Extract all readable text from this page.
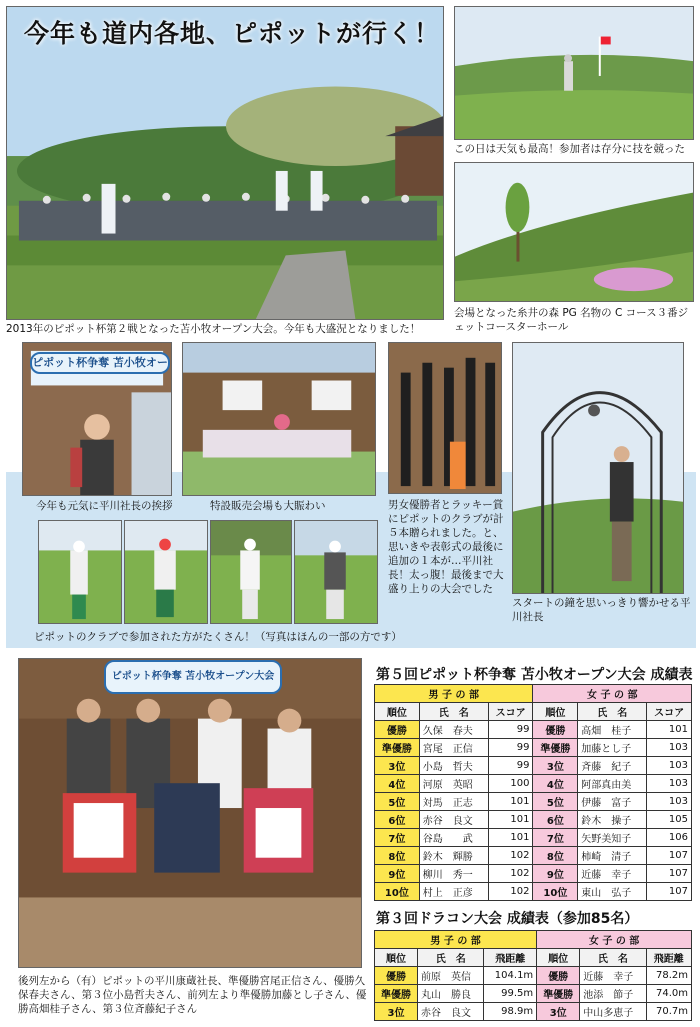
今年も道内各地、ピポットが行く！
2013年のピポット杯第２戦となった苫小牧オープン大会。今年も大盛況となりました！
この日は天気も最高！参加者は存分に技を競った
会場となった糸井の森 PG 名物の C コース３番ジェットコースターホール
ピポット杯争奪 苫小牧オー
今年も元気に平川社長の挨拶	特設販売会場も大賑わい	男女優勝者とラッキー賞にピポットのクラブが計５本贈られました。と、思いきや表彰式の最後に追加の１本が…平川社長！太っ腹！最後まで大盛り上りの大会でした
スタートの鐘を思いっきり響かせる平川社長
ピポットのクラブで参加された方がたくさん！（写真はほんの一部の方です）
ピポット杯争奪 苫小牧オープン大会
後列左から（有）ピポットの平川康蔵社長、準優勝宮尾正信さん、優勝久保春夫さん、第３位小島哲夫さん、前列左より準優勝加藤とし子さん、優勝高畑桂子さん、第３位斉藤紀子さん
第５回ピポット杯争奪 苫小牧オープン大会 成績表
男 子 の 部			女 子 の 部		
順位	氏　名	スコア	順位	氏　名	スコア
優勝	久保　春夫	99	優勝	高畑　桂子	101
準優勝	宮尾　正信	99	準優勝	加藤とし子	103
3位	小島　哲夫	99	3位	斉藤　紀子	103
4位	河原　英昭	100	4位	阿部真由美	103
5位	対馬　正志	101	5位	伊藤　富子	103
6位	赤谷　良文	101	6位	鈴木　操子	105
7位	谷島　　武	101	7位	矢野美知子	106
8位	鈴木　輝勝	102	8位	柿崎　清子	107
9位	柳川　秀一	102	9位	近藤　幸子	107
10位	村上　正彦	102	10位	東山　弘子	107
第３回ドラコン大会 成績表（参加85名）
男 子 の 部			女 子 の 部		
順位	氏　名	飛距離	順位	氏　名	飛距離
優勝	前原　英信	104.1m	優勝	近藤　幸子	78.2m
準優勝	丸山　勝良	99.5m	準優勝	池添　節子	74.0m
3位	赤谷　良文	98.9m	3位	中山多恵子	70.7m
